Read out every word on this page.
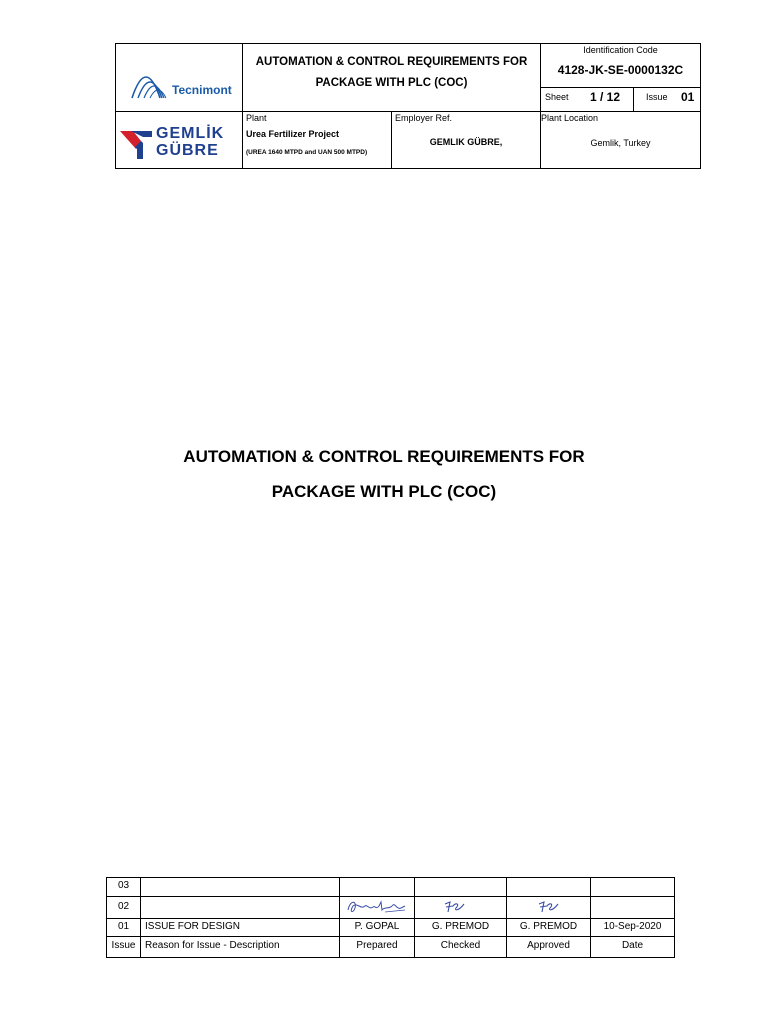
Tecnimont
AUTOMATION & CONTROL REQUIREMENTS FOR
PACKAGE WITH PLC (COC)
Identification Code
4128-JK-SE-0000132C
Sheet 1 / 12	Issue 01
GEMLİK
GÜBRE
Plant
Urea Fertilizer Project
(UREA 1640 MTPD and UAN 500 MTPD)
Employer Ref.
GEMLIK GÜBRE,
Plant Location
Gemlik, Turkey
AUTOMATION & CONTROL REQUIREMENTS FOR
PACKAGE WITH PLC (COC)
03
02
01	ISSUE FOR DESIGN	P. GOPAL	G. PREMOD	G. PREMOD	10-Sep-2020
Issue Reason for Issue - Description	Prepared	Checked	Approved	Date
